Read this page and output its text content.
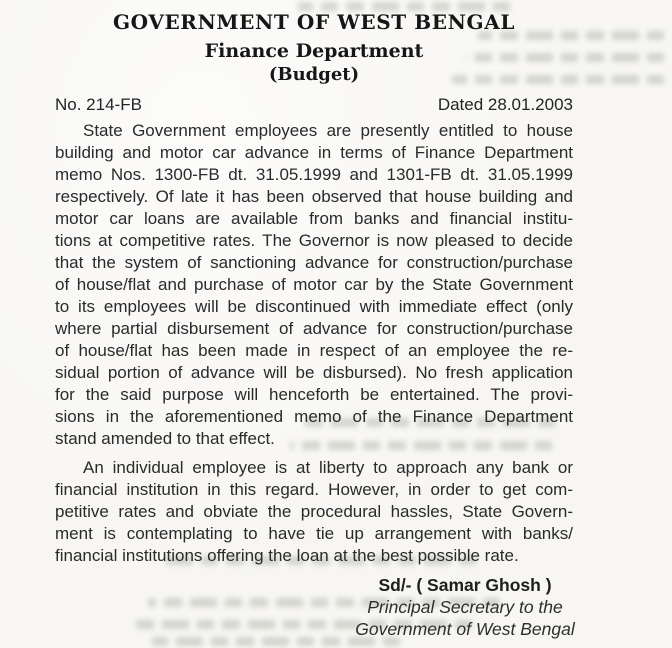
GOVERNMENT OF WEST BENGAL
Finance Department
(Budget)
No. 214-FB	Dated 28.01.2003
State Government employees are presently entitled to house
building and motor car advance in terms of Finance Department
memo Nos. 1300-FB dt. 31.05.1999 and 1301-FB dt. 31.05.1999
respectively. Of late it has been observed that house building and
motor car loans are available from banks and financial institu-
tions at competitive rates. The Governor is now pleased to decide
that the system of sanctioning advance for construction/purchase
of house/flat and purchase of motor car by the State Government
to its employees will be discontinued with immediate effect (only
where partial disbursement of advance for construction/purchase
of house/flat has been made in respect of an employee the re-
sidual portion of advance will be disbursed). No fresh application
for the said purpose will henceforth be entertained. The provi-
sions in the aforementioned memo of the Finance Department
stand amended to that effect.
An individual employee is at liberty to approach any bank or
financial institution in this regard. However, in order to get com-
petitive rates and obviate the procedural hassles, State Govern-
ment is contemplating to have tie up arrangement with banks/
financial institutions offering the loan at the best possible rate.
Sd/- ( Samar Ghosh )
Principal Secretary to the
Government of West Bengal
